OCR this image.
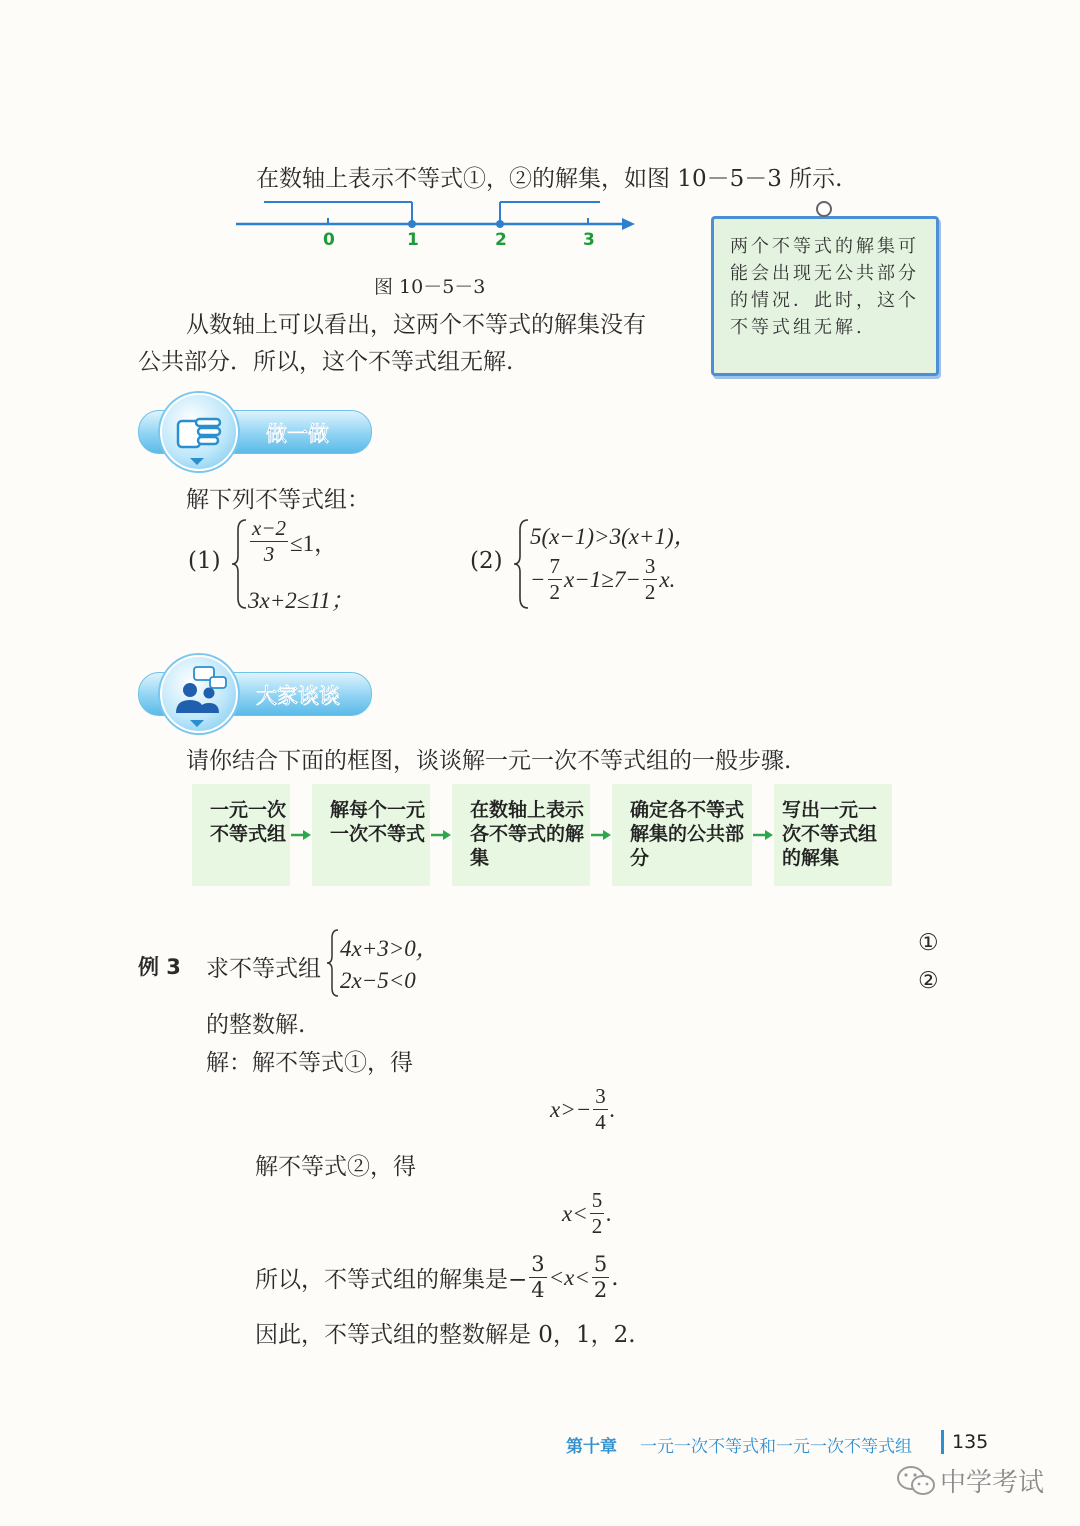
在数轴上表示不等式①，②的解集，如图 10－5－3 所示.
0	1	2	3
图 10－5－3
从数轴上可以看出，这两个不等式的解集没有
公共部分．所以，这个不等式组无解.
两个不等式的解集可能会出现无公共部分的情况．此时，这个不等式组无解.
做一做
解下列不等式组：
$(1) \frac{x-2}{3} \le 1$，
3x+2≤11；
(2)
5(x−1)>3(x+1)，
− $\frac{7}{2} x-1\ge 7- \frac{3}{2} x$.
大家谈谈
请你结合下面的框图，谈谈解一元一次不等式组的一般步骤.
一元一次不等式组
解每个一元一次不等式
在数轴上表示各不等式的解集
确定各不等式解集的公共部分
写出一元一次不等式组的解集
例 3 求不等式组
4x+3>0，
2x−5<0
①
②
的整数解.
解：解不等式①，得
$x>- \frac{3}{4}$ .
解不等式②，得
$x< \frac{5}{2}$ .
所以，不等式组的解集是− $\frac{3}{4} <x< \frac{5}{2}$ .
因此，不等式组的整数解是 0，1，2.
第十章 一元一次不等式和一元一次不等式组 135
中学考试
